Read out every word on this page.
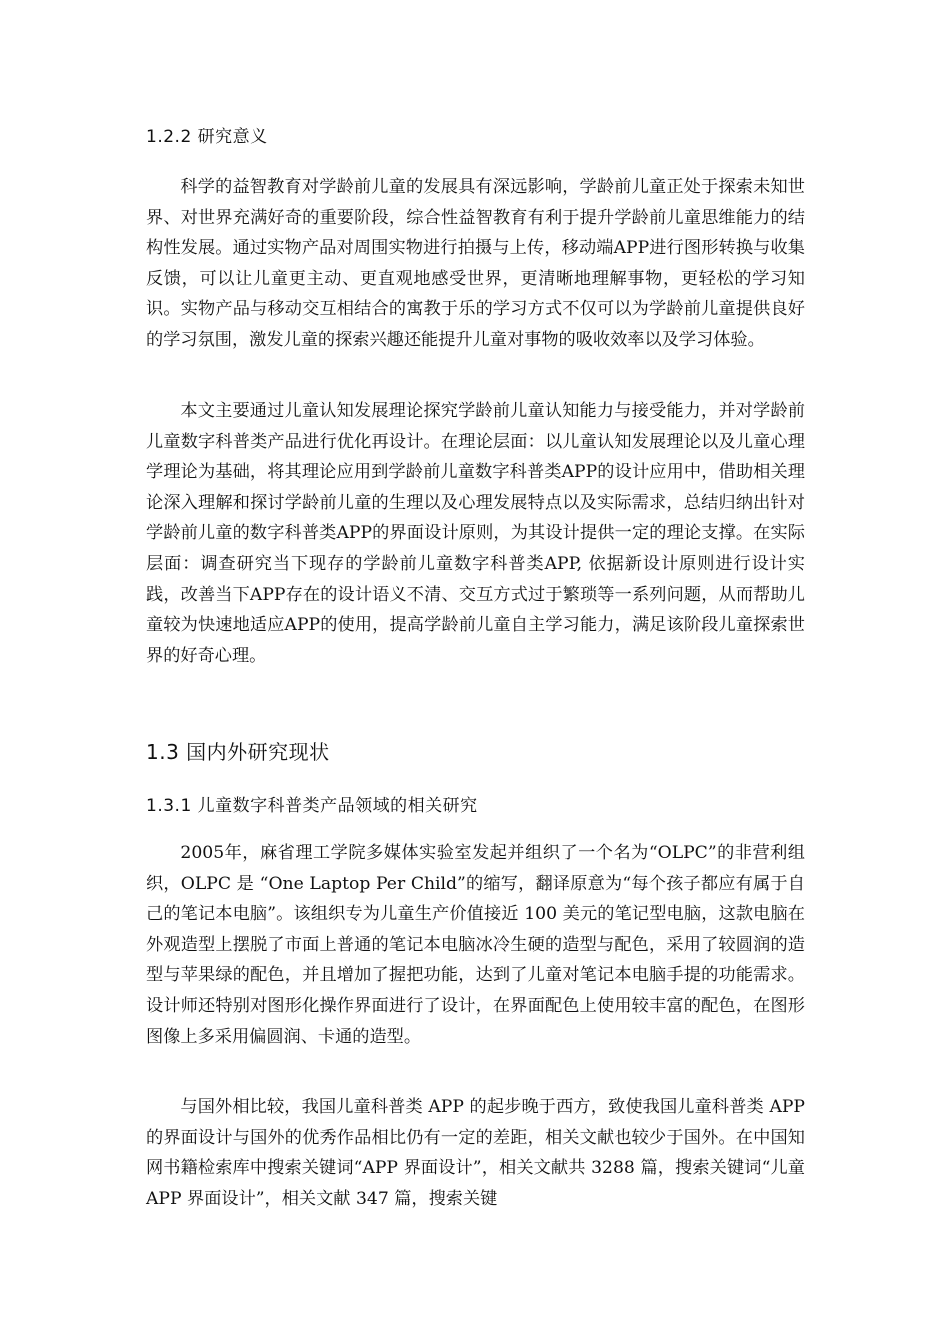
1.2.2 研究意义

科学的益智教育对学龄前儿童的发展具有深远影响，学龄前儿童正处于探索未知世界、对世界充满好奇的重要阶段，综合性益智教育有利于提升学龄前儿童思维能力的结构性发展。通过实物产品对周围实物进行拍摄与上传，移动端APP进行图形转换与收集反馈，可以让儿童更主动、更直观地感受世界，更清晰地理解事物，更轻松的学习知识。实物产品与移动交互相结合的寓教于乐的学习方式不仅可以为学龄前儿童提供良好的学习氛围，激发儿童的探索兴趣还能提升儿童对事物的吸收效率以及学习体验。

本文主要通过儿童认知发展理论探究学龄前儿童认知能力与接受能力，并对学龄前儿童数字科普类产品进行优化再设计。在理论层面：以儿童认知发展理论以及儿童心理学理论为基础，将其理论应用到学龄前儿童数字科普类APP的设计应用中，借助相关理论深入理解和探讨学龄前儿童的生理以及心理发展特点以及实际需求，总结归纳出针对学龄前儿童的数字科普类APP的界面设计原则，为其设计提供一定的理论支撑。在实际层面：调查研究当下现存的学龄前儿童数字科普类APP, 依据新设计原则进行设计实践，改善当下APP存在的设计语义不清、交互方式过于繁琐等一系列问题，从而帮助儿童较为快速地适应APP的使用，提高学龄前儿童自主学习能力，满足该阶段儿童探索世界的好奇心理。

1.3 国内外研究现状
1.3.1 儿童数字科普类产品领域的相关研究

2005年，麻省理工学院多媒体实验室发起并组织了一个名为“OLPC”的非营利组织，OLPC 是 “One Laptop Per Child”的缩写，翻译原意为“每个孩子都应有属于自己的笔记本电脑”。该组织专为儿童生产价值接近 100 美元的笔记型电脑，这款电脑在外观造型上摆脱了市面上普通的笔记本电脑冰冷生硬的造型与配色，采用了较圆润的造型与苹果绿的配色，并且增加了握把功能，达到了儿童对笔记本电脑手提的功能需求。设计师还特别对图形化操作界面进行了设计，在界面配色上使用较丰富的配色，在图形图像上多采用偏圆润、卡通的造型。

与国外相比较，我国儿童科普类 APP 的起步晚于西方，致使我国儿童科普类 APP 的界面设计与国外的优秀作品相比仍有一定的差距，相关文献也较少于国外。在中国知网书籍检索库中搜索关键词“APP 界面设计”，相关文献共 3288 篇，搜索关键词“儿童APP 界面设计”，相关文献 347 篇，搜索关键
